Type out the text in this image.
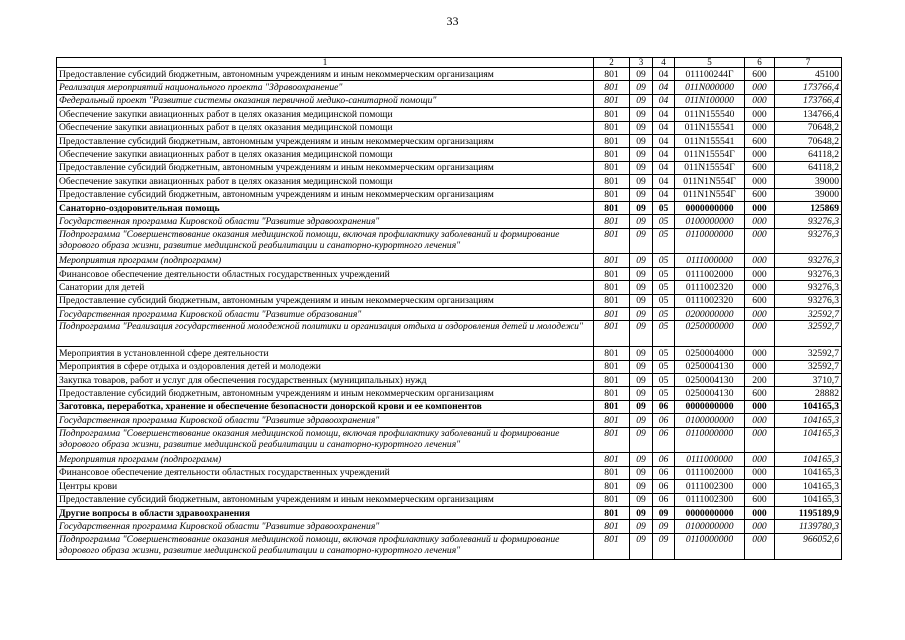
33
1	2	3	4	5	6	7
Предоставление субсидий бюджетным, автономным учреждениям и иным некоммерческим организациям	801	09	04	011100244Г	600	45100
Реализация мероприятий национального проекта "Здравоохранение"	801	09	04	011N000000	000	173766,4
Федеральный проект "Развитие системы оказания первичной медико-санитарной помощи"	801	09	04	011N100000	000	173766,4
Обеспечение закупки авиационных работ в целях оказания медицинской помощи	801	09	04	011N155540	000	134766,4
Обеспечение закупки авиационных работ в целях оказания медицинской помощи	801	09	04	011N155541	000	70648,2
Предоставление субсидий бюджетным, автономным учреждениям и иным некоммерческим организациям	801	09	04	011N155541	600	70648,2
Обеспечение закупки авиационных работ в целях оказания медицинской помощи	801	09	04	011N15554Г	000	64118,2
Предоставление субсидий бюджетным, автономным учреждениям и иным некоммерческим организациям	801	09	04	011N15554Г	600	64118,2
Обеспечение закупки авиационных работ в целях оказания медицинской помощи	801	09	04	011N1N554Г	000	39000
Предоставление субсидий бюджетным, автономным учреждениям и иным некоммерческим организациям	801	09	04	011N1N554Г	600	39000
Санаторно-оздоровительная помощь	801	09	05	0000000000	000	125869
Государственная программа Кировской области "Развитие здравоохранения"	801	09	05	0100000000	000	93276,3
Подпрограмма "Совершенствование оказания медицинской помощи, включая профилактику заболеваний и формирование здорового образа жизни, развитие медицинской реабилитации и санаторно-курортного лечения"	801	09	05	0110000000	000	93276,3
Мероприятия программ (подпрограмм)	801	09	05	0111000000	000	93276,3
Финансовое обеспечение деятельности областных государственных учреждений	801	09	05	0111002000	000	93276,3
Санатории для детей	801	09	05	0111002320	000	93276,3
Предоставление субсидий бюджетным, автономным учреждениям и иным некоммерческим организациям	801	09	05	0111002320	600	93276,3
Государственная программа Кировской области "Развитие образования"	801	09	05	0200000000	000	32592,7
Подпрограмма "Реализация государственной молодежной политики и организация отдыха и оздоровления детей и молодежи"	801	09	05	0250000000	000	32592,7
Мероприятия в установленной сфере деятельности	801	09	05	0250004000	000	32592,7
Мероприятия в сфере отдыха и оздоровления детей и молодежи	801	09	05	0250004130	000	32592,7
Закупка товаров, работ и услуг для обеспечения государственных (муниципальных) нужд	801	09	05	0250004130	200	3710,7
Предоставление субсидий бюджетным, автономным учреждениям и иным некоммерческим организациям	801	09	05	0250004130	600	28882
Заготовка, переработка, хранение и обеспечение безопасности донорской крови и ее компонентов	801	09	06	0000000000	000	104165,3
Государственная программа Кировской области "Развитие здравоохранения"	801	09	06	0100000000	000	104165,3
Подпрограмма "Совершенствование оказания медицинской помощи, включая профилактику заболеваний и формирование здорового образа жизни, развитие медицинской реабилитации и санаторно-курортного лечения"	801	09	06	0110000000	000	104165,3
Мероприятия программ (подпрограмм)	801	09	06	0111000000	000	104165,3
Финансовое обеспечение деятельности областных государственных учреждений	801	09	06	0111002000	000	104165,3
Центры крови	801	09	06	0111002300	000	104165,3
Предоставление субсидий бюджетным, автономным учреждениям и иным некоммерческим организациям	801	09	06	0111002300	600	104165,3
Другие вопросы в области здравоохранения	801	09	09	0000000000	000	1195189,9
Государственная программа Кировской области "Развитие здравоохранения"	801	09	09	0100000000	000	1139780,3
Подпрограмма "Совершенствование оказания медицинской помощи, включая профилактику заболеваний и формирование здорового образа жизни, развитие медицинской реабилитации и санаторно-курортного лечения"	801	09	09	0110000000	000	966052,6
